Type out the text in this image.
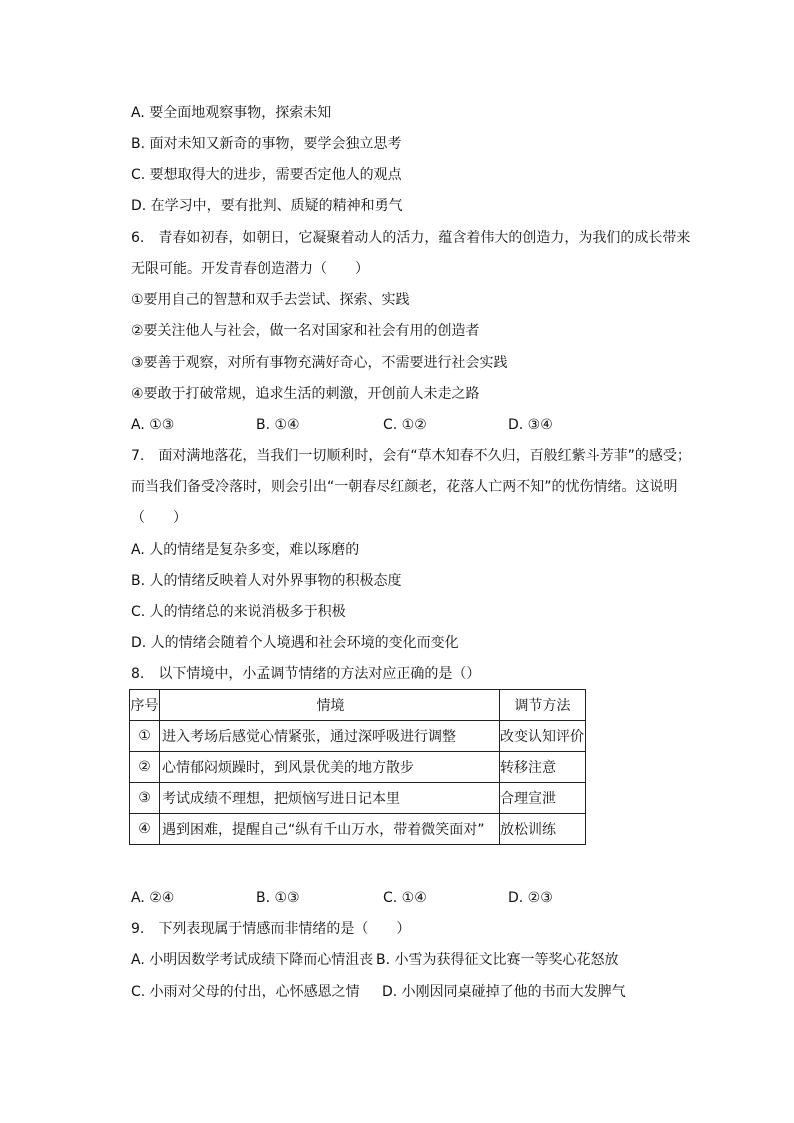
A. 要全面地观察事物，探索未知
B. 面对未知又新奇的事物，要学会独立思考
C. 要想取得大的进步，需要否定他人的观点
D. 在学习中，要有批判、质疑的精神和勇气
6.　青春如初春，如朝日，它凝聚着动人的活力，蕴含着伟大的创造力，为我们的成长带来
无限可能。开发青春创造潜力（　　）
①要用自己的智慧和双手去尝试、探索、实践
②要关注他人与社会，做一名对国家和社会有用的创造者
③要善于观察，对所有事物充满好奇心，不需要进行社会实践
④要敢于打破常规，追求生活的刺激，开创前人未走之路
A. ①③	B. ①④	C. ①②	D. ③④
7.　面对满地落花，当我们一切顺利时，会有“草木知春不久归，百般红紫斗芳菲”的感受；
而当我们备受冷落时，则会引出“一朝春尽红颜老，花落人亡两不知”的忧伤情绪。这说明
（　　）
A. 人的情绪是复杂多变，难以琢磨的
B. 人的情绪反映着人对外界事物的积极态度
C. 人的情绪总的来说消极多于积极
D. 人的情绪会随着个人境遇和社会环境的变化而变化
8.　以下情境中，小孟调节情绪的方法对应正确的是（）
序号	情境	调节方法
①	进入考场后感觉心情紧张，通过深呼吸进行调整	改变认知评价
②	心情郁闷烦躁时，到风景优美的地方散步	转移注意
③	考试成绩不理想，把烦恼写进日记本里	合理宣泄
④	遇到困难，提醒自己“纵有千山万水，带着微笑面对”	放松训练
A. ②④	B. ①③	C. ①④	D. ②③
9.　下列表现属于情感而非情绪的是（　　）
A. 小明因数学考试成绩下降而心情沮丧 B. 小雪为获得征文比赛一等奖心花怒放
C. 小雨对父母的付出，心怀感恩之情 D. 小刚因同桌碰掉了他的书而大发脾气
